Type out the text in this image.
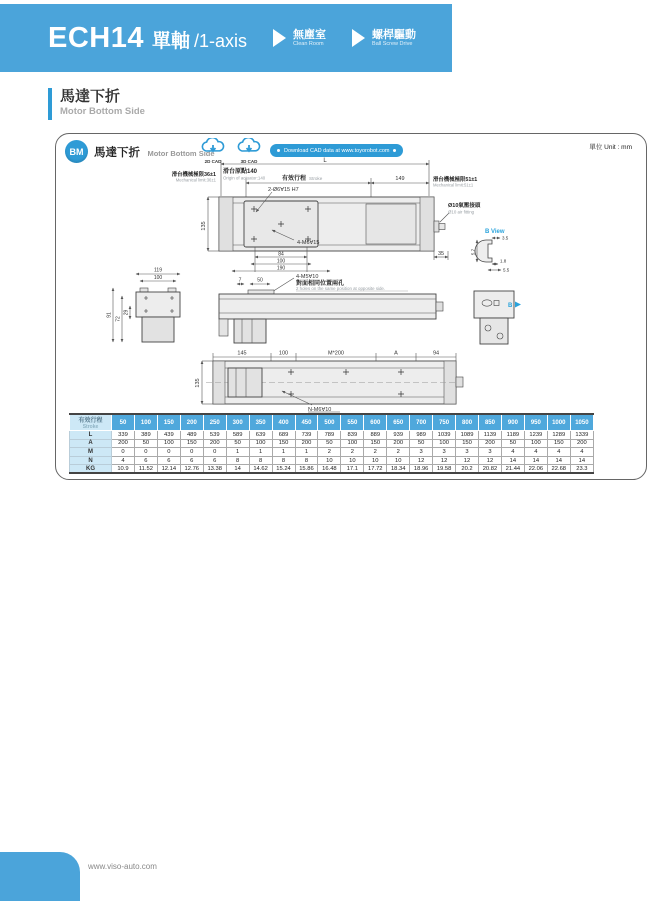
ECH14 單軸 /1-axis	無塵室
Clean Room
螺桿驅動
Ball Screw Drive
馬達下折
Motor Bottom Side
BM 馬達下折 Motor Bottom Side
2D CAD	3D CAD
Download CAD data at www.toyorobot.com	單位 Unit : mm
L
滑台原點140
Origin of actuator:140	有效行程 Stroke	149
滑台機械極限36±1
Mechanical limit:36±1	滑台機械極限51±1
Mechanical limit:51±1
2-Ø6∀15 H7
Ø10氣壓接頭
Ø10 air fitting
135
4-M6∀15
84
100
190
35
4-M5∀10
對面相同位置兩孔
2 holes on the same position at opposite side.
B View
3.5
5.7
1.8
5.5
119
100
91
72
29
7	50
145	100	M*200	A	94
135
N-M6∀10
B
有效行程
Stroke	50	100	150	200	250	300	350	400	450	500	550	600	650	700	750	800	850	900	950	1000	1050
L	339	389	439	489	539	589	639	689	739	789	839	889	939	989	1039	1089	1139	1189	1239	1289	1339
A	200	50	100	150	200	50	100	150	200	50	100	150	200	50	100	150	200	50	100	150	200
M	0	0	0	0	0	1	1	1	1	2	2	2	2	3	3	3	3	4	4	4	4
N	4	6	6	6	6	8	8	8	8	10	10	10	10	12	12	12	12	14	14	14	14
KG	10.9	11.52	12.14	12.76	13.38	14	14.62	15.24	15.86	16.48	17.1	17.72	18.34	18.96	19.58	20.2	20.82	21.44	22.06	22.68	23.3
www.viso-auto.com
